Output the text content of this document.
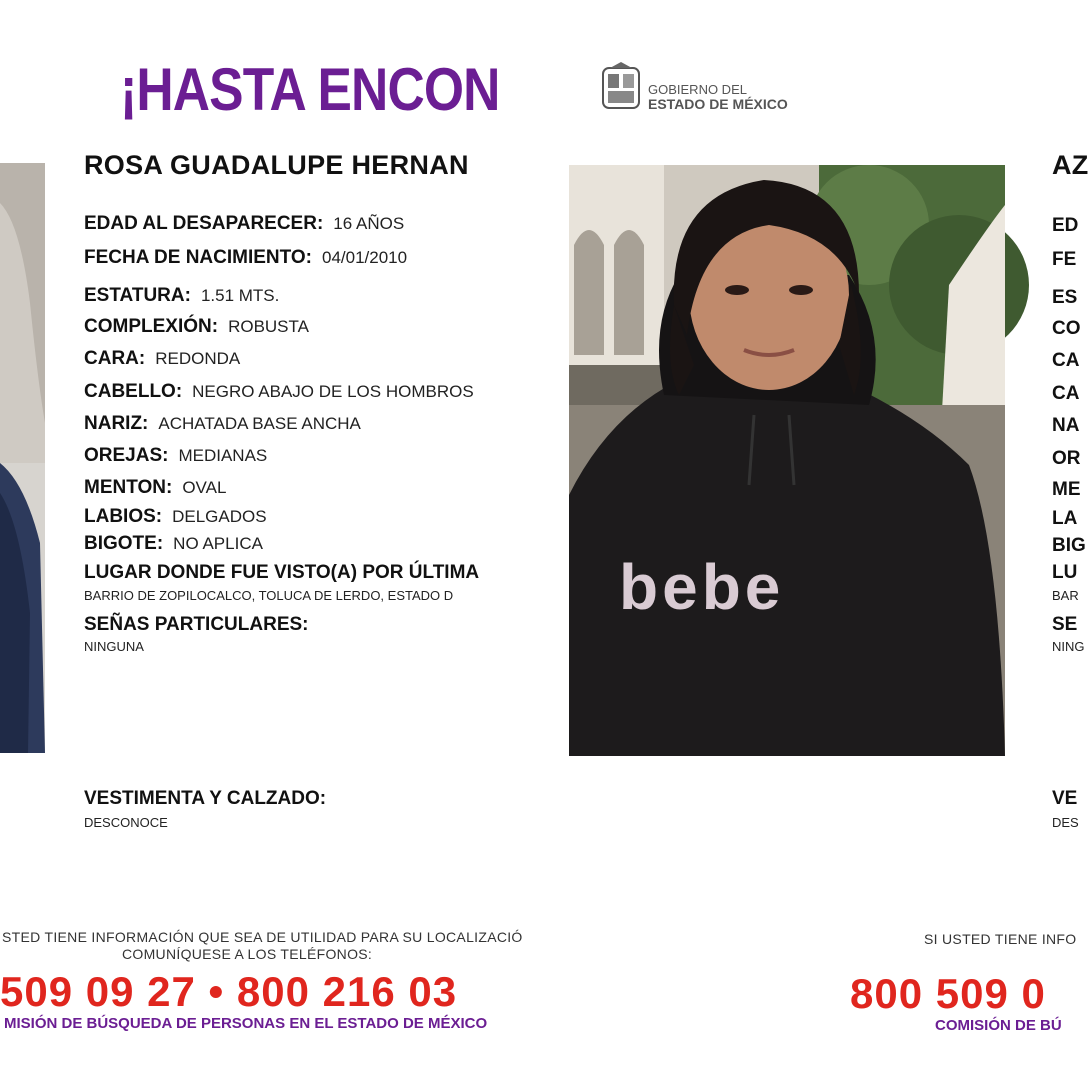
¡HASTA ENCON
ROSA GUADALUPE HERNAN
EDAD AL DESAPARECER: 16 AÑOS
FECHA DE NACIMIENTO: 04/01/2010
ESTATURA: 1.51 MTS.
COMPLEXIÓN: ROBUSTA
CARA: REDONDA
CABELLO: NEGRO ABAJO DE LOS HOMBROS
NARIZ: ACHATADA BASE ANCHA
OREJAS: MEDIANAS
MENTON: OVAL
LABIOS: DELGADOS
BIGOTE: NO APLICA
LUGAR DONDE FUE VISTO(A) POR ÚLTIMA
BARRIO DE ZOPILOCALCO, TOLUCA DE LERDO, ESTADO D
SEÑAS PARTICULARES:
NINGUNA
VESTIMENTA Y CALZADO:
DESCONOCE
STED TIENE INFORMACIÓN QUE SEA DE UTILIDAD PARA SU LOCALIZACIÓ
COMUNÍQUESE A LOS TELÉFONOS:
509 09 27 • 800 216 03
MISIÓN DE BÚSQUEDA DE PERSONAS EN EL ESTADO DE MÉXICO
GOBIERNO DEL
ESTADO DE MÉXICO
bebe
AZ
ED
FE
ES
CO
CA
CA
NA
OR
ME
LA
BIG
LU
BAR
SE
NING
VE
DES
SI USTED TIENE INFO
800 509 0
COMISIÓN DE BÚ
